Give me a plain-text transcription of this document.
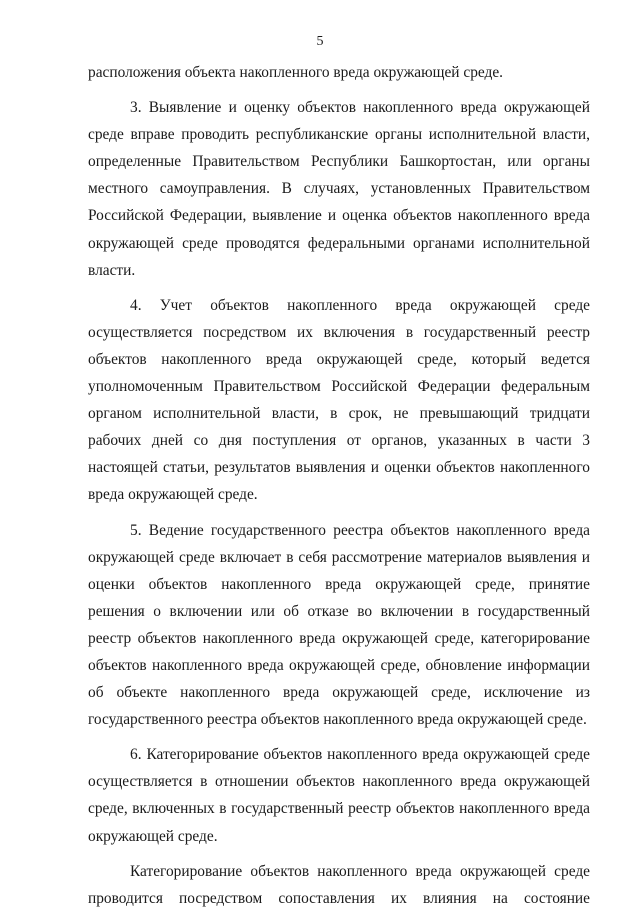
5

расположения объекта накопленного вреда окружающей среде.

3. Выявление и оценку объектов накопленного вреда окружающей среде вправе проводить республиканские органы исполнительной власти, определенные Правительством Республики Башкортостан, или органы местного самоуправления. В случаях, установленных Правительством Российской Федерации, выявление и оценка объектов накопленного вреда окружающей среде проводятся федеральными органами исполнительной власти.

4. Учет объектов накопленного вреда окружающей среде осуществляется посредством их включения в государственный реестр объектов накопленного вреда окружающей среде, который ведется уполномоченным Правительством Российской Федерации федеральным органом исполнительной власти, в срок, не превышающий тридцати рабочих дней со дня поступления от органов, указанных в части 3 настоящей статьи, результатов выявления и оценки объектов накопленного вреда окружающей среде.

5. Ведение государственного реестра объектов накопленного вреда окружающей среде включает в себя рассмотрение материалов выявления и оценки объектов накопленного вреда окружающей среде, принятие решения о включении или об отказе во включении в государственный реестр объектов накопленного вреда окружающей среде, категорирование объектов накопленного вреда окружающей среде, обновление информации об объекте накопленного вреда окружающей среде, исключение из государственного реестра объектов накопленного вреда окружающей среде.

6. Категорирование объектов накопленного вреда окружающей среде осуществляется в отношении объектов накопленного вреда окружающей среде, включенных в государственный реестр объектов накопленного вреда окружающей среде.

Категорирование объектов накопленного вреда окружающей среде проводится посредством сопоставления их влияния на состояние
